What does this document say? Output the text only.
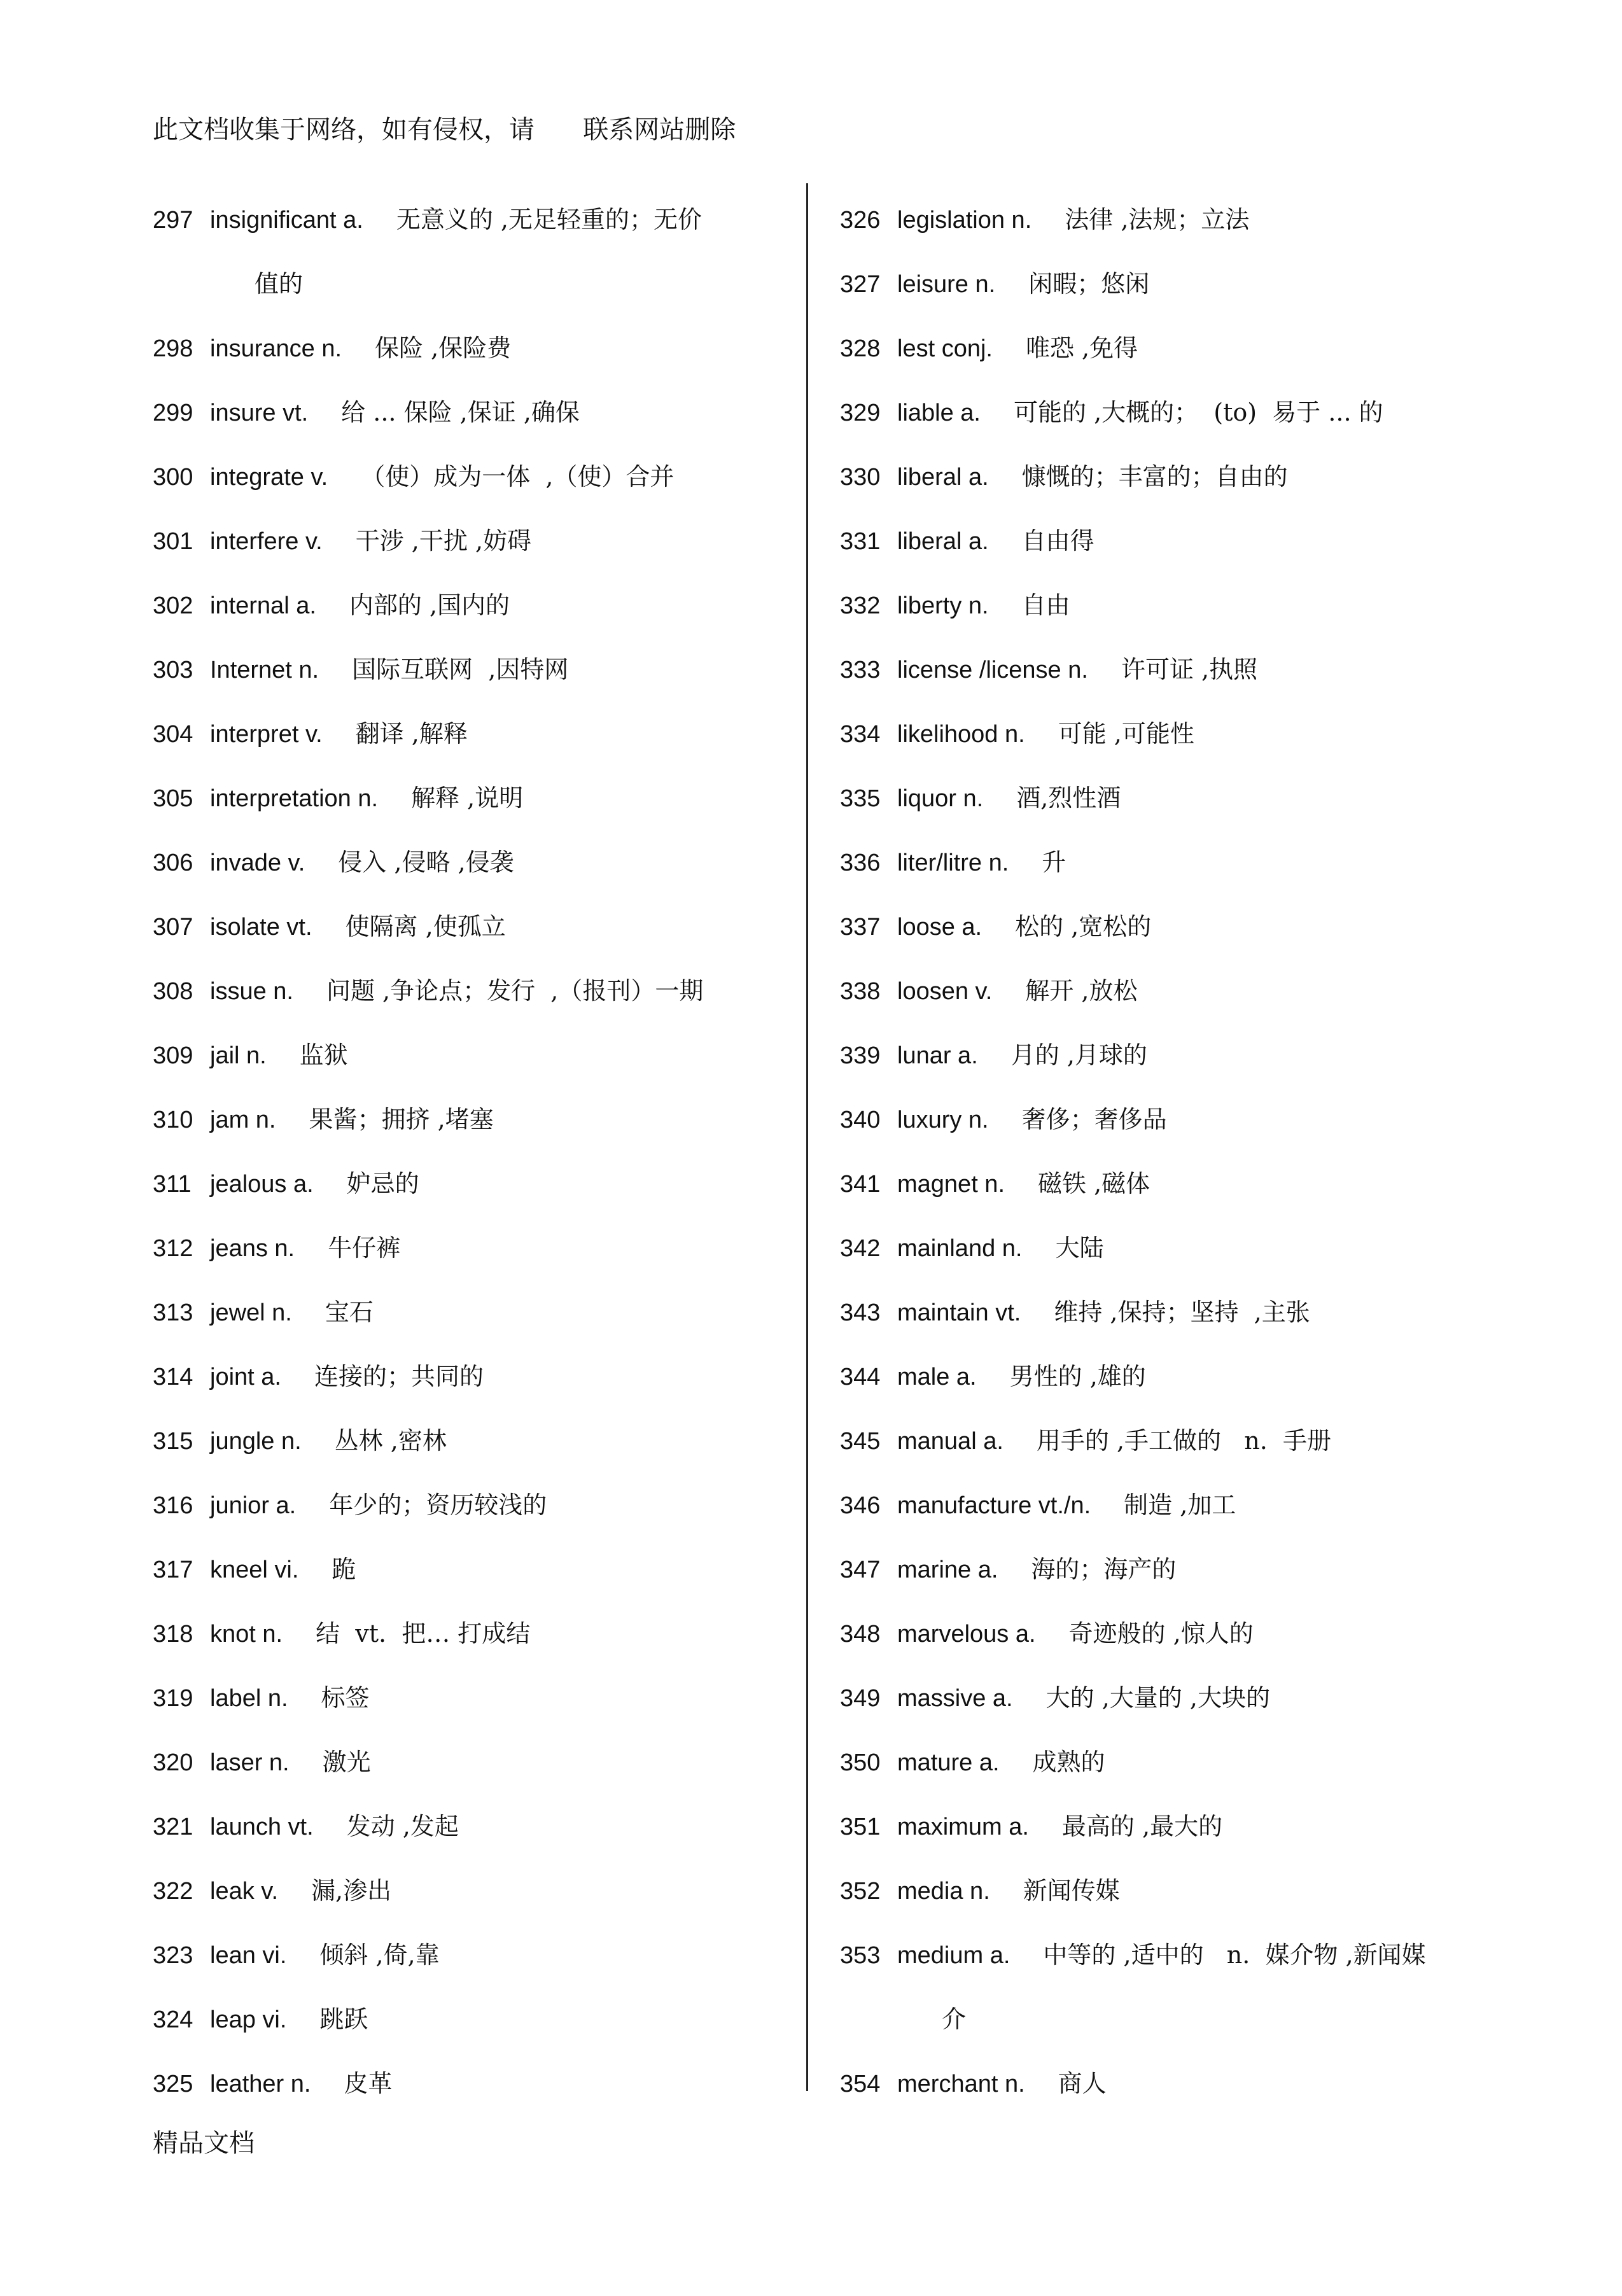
此文档收集于网络，如有侵权，请      联系网站删除
297 insignificant a. 无意义的 ,无足轻重的；无价
值的
298 insurance n. 保险 ,保险费
299 insure vt. 给 ... 保险 ,保证 ,确保
300 integrate v. （使）成为一体  ,（使）合并
301 interfere v. 干涉 ,干扰 ,妨碍
302 internal a. 内部的 ,国内的
303 Internet n. 国际互联网  ,因特网
304 interpret v. 翻译 ,解释
305 interpretation n. 解释 ,说明
306 invade v. 侵入 ,侵略 ,侵袭
307 isolate vt. 使隔离 ,使孤立
308 issue n. 问题 ,争论点；发行  ,（报刊）一期
309 jail n. 监狱
310 jam n. 果酱；拥挤 ,堵塞
311 jealous a. 妒忌的
312 jeans n. 牛仔裤
313 jewel n. 宝石
314 joint a. 连接的；共同的
315 jungle n. 丛林 ,密林
316 junior a. 年少的；资历较浅的
317 kneel vi. 跪
318 knot n. 结  vt.  把… 打成结
319 label n. 标签
320 laser n. 激光
321 launch vt. 发动 ,发起
322 leak v. 漏,渗出
323 lean vi. 倾斜 ,倚,靠
324 leap vi. 跳跃
325 leather n. 皮革
326 legislation n. 法律 ,法规；立法
327 leisure n. 闲暇；悠闲
328 lest conj. 唯恐 ,免得
329 liable a. 可能的 ,大概的；  (to)  易于 ... 的
330 liberal a. 慷慨的；丰富的；自由的
331 liberal a. 自由得
332 liberty n. 自由
333 license /license n. 许可证 ,执照
334 likelihood n. 可能 ,可能性
335 liquor n. 酒,烈性酒
336 liter/litre n. 升
337 loose a. 松的 ,宽松的
338 loosen v. 解开 ,放松
339 lunar a. 月的 ,月球的
340 luxury n. 奢侈；奢侈品
341 magnet n. 磁铁 ,磁体
342 mainland n. 大陆
343 maintain vt. 维持 ,保持；坚持  ,主张
344 male a. 男性的 ,雄的
345 manual a. 用手的 ,手工做的   n.  手册
346 manufacture vt./n. 制造 ,加工
347 marine a. 海的；海产的
348 marvelous a. 奇迹般的 ,惊人的
349 massive a. 大的 ,大量的 ,大块的
350 mature a. 成熟的
351 maximum a. 最高的 ,最大的
352 media n. 新闻传媒
353 medium a. 中等的 ,适中的   n.  媒介物 ,新闻媒
介
354 merchant n. 商人
精品文档
